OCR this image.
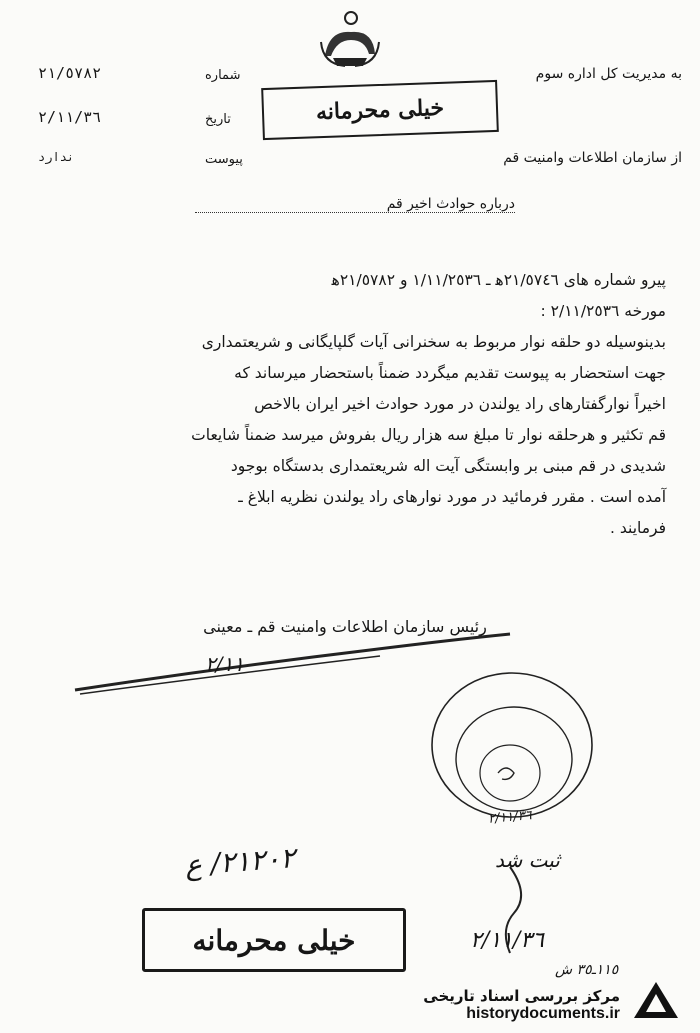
به مدیریت کل اداره سوم
شماره
٢١/٥٧٨٢
تاریخ
٢/١١/٣٦
از سازمان اطلاعات وامنیت قم
پیوست
ندارد
خیلی محرمانه
درباره حوادث اخیر قم

پیرو شماره های ٢١/٥٧٤٦ه‍ ـ ١/١١/٢٥٣٦ و ٢١/٥٧٨٢ه‍

مورخه ٢/١١/٢٥٣٦ :

بدینوسیله دو حلقه نوار مربوط به سخنرانی آیات گلپایگانی و شریعتمداری

جهت استحضار به پیوست تقدیم میگردد ضمناً باستحضار میرساند که

اخیراً نوارگفتارهای راد یولندن در مورد حوادث اخیر ایران بالاخص

قم تکثیر و هرحلقه نوار تا مبلغ سه هزار ریال بفروش میرسد ضمناً شایعات

شدیدی در قم مبنی بر وابستگی آیت اله شریعتمداری بدستگاه بوجود

آمده است . مقرر فرمائید در مورد نوارهای راد یولندن نظریه ابلاغ ـ

فرمایند .

رئیس سازمان اطلاعات وامنیت قم ـ معینی
٢/١١
٢/١١/٣٦
ثبت شد
٢١٢٠٢/ ع
خیلی محرمانه	٢/١١/٣٦
١١٥ـ٣٥ ش
مرکز بررسی اسناد تاریخی
historydocuments.ir
